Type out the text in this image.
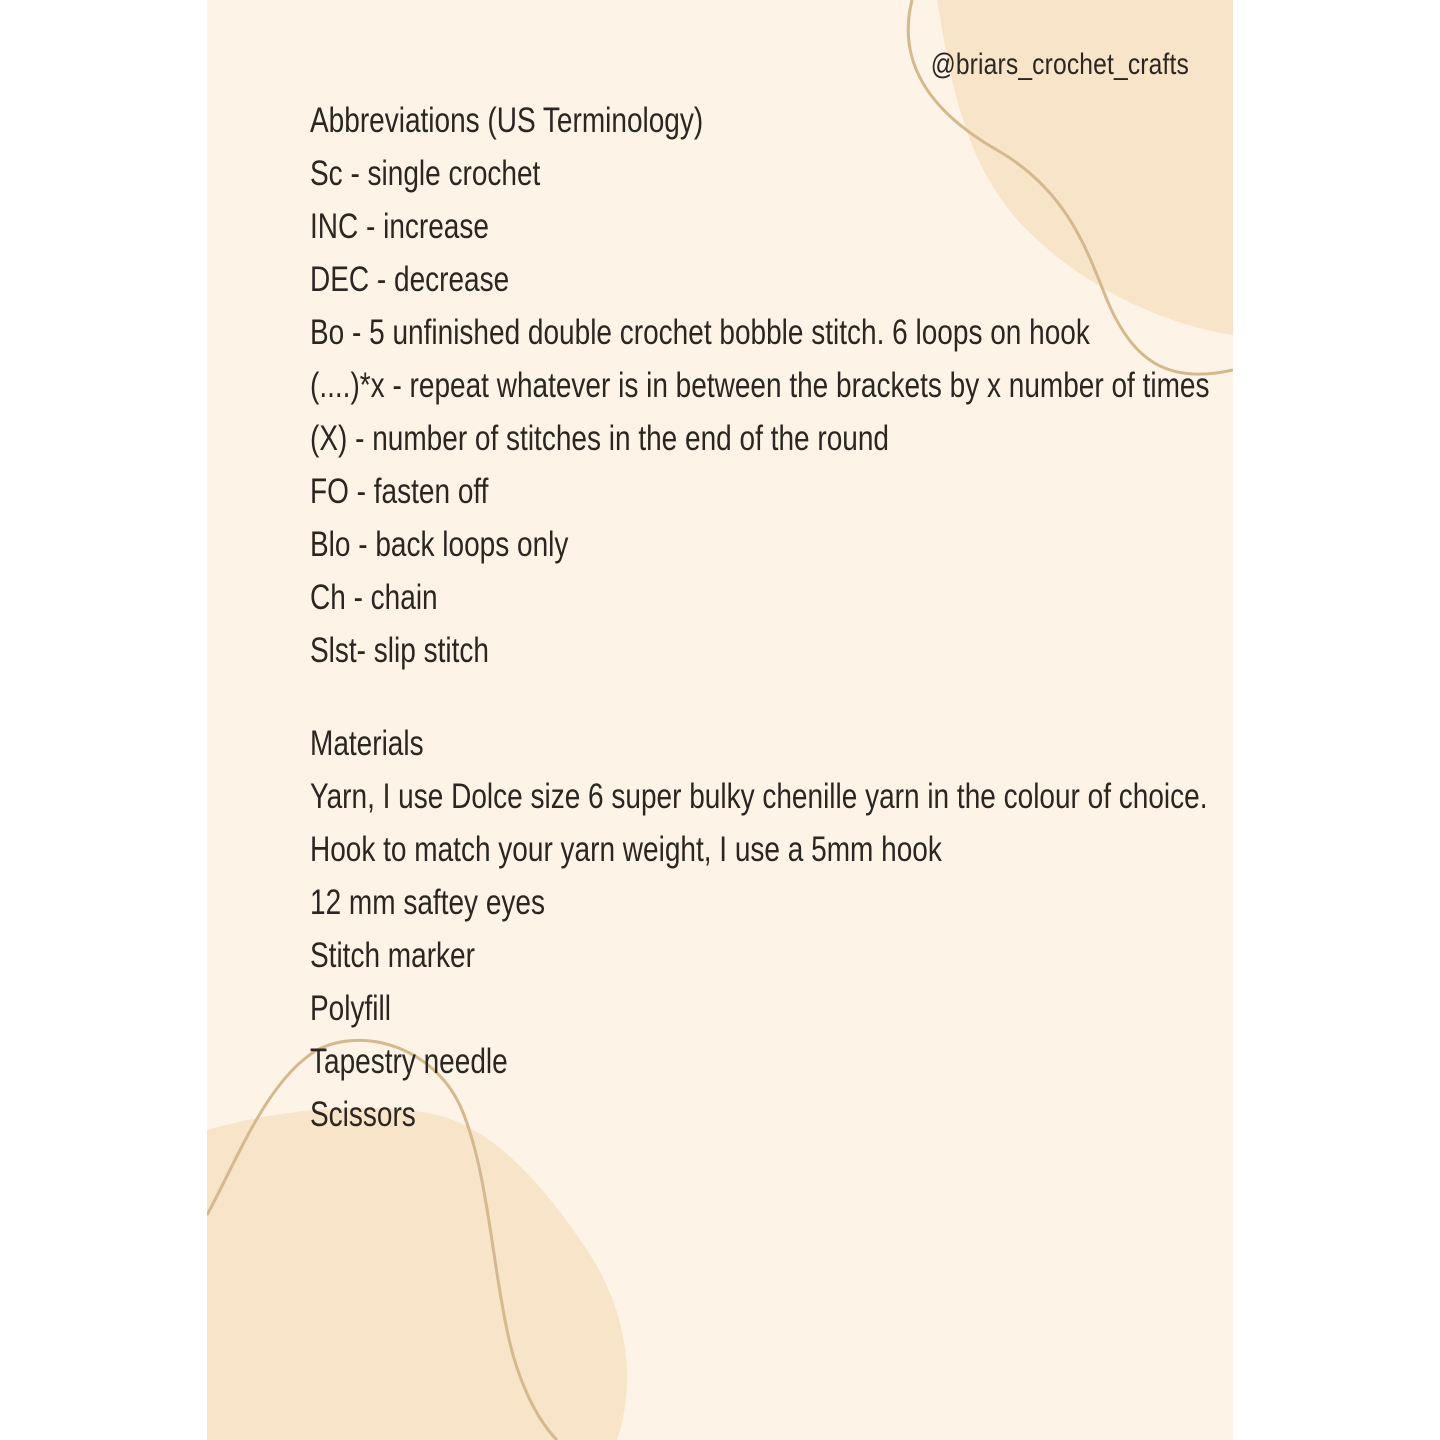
@briars_crochet_crafts
Abbreviations (US Terminology)
Sc - single crochet
INC - increase
DEC - decrease
Bo - 5 unfinished double crochet bobble stitch. 6 loops on hook
(....)*x - repeat whatever is in between the brackets by x number of times
(X) - number of stitches in the end of the round
FO - fasten off
Blo - back loops only
Ch - chain
Slst- slip stitch
Materials
Yarn, I use Dolce size 6 super bulky chenille yarn in the colour of choice.
Hook to match your yarn weight, I use a 5mm hook
12 mm saftey eyes
Stitch marker
Polyfill
Tapestry needle
Scissors
